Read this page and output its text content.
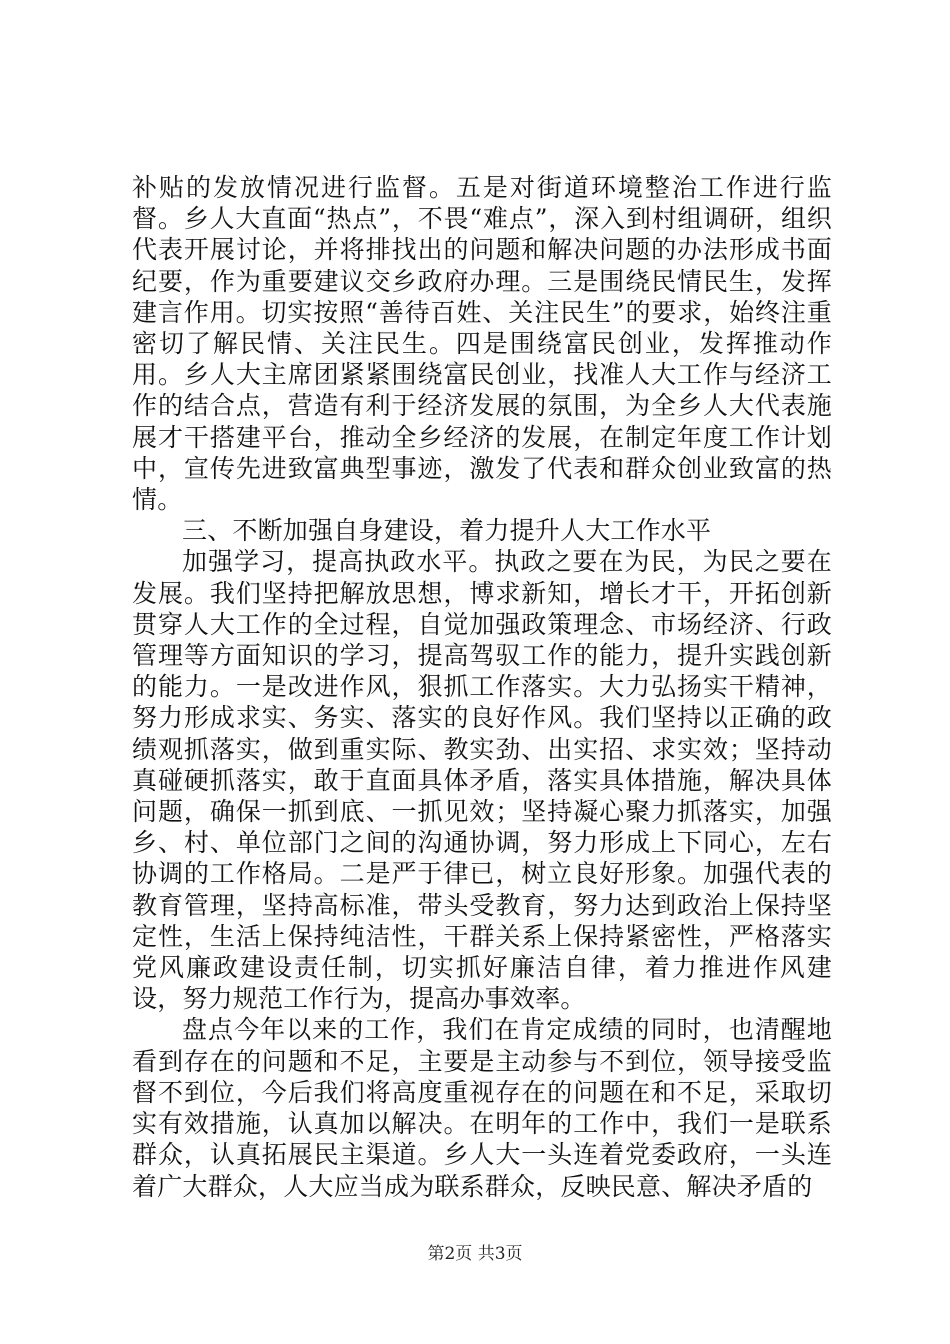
补贴的发放情况进行监督。五是对街道环境整治工作进行监督。乡人大直面“热点”，不畏“难点”，深入到村组调研，组织代表开展讨论，并将排找出的问题和解决问题的办法形成书面纪要，作为重要建议交乡政府办理。三是围绕民情民生，发挥建言作用。切实按照“善待百姓、关注民生”的要求，始终注重密切了解民情、关注民生。四是围绕富民创业，发挥推动作用。乡人大主席团紧紧围绕富民创业，找准人大工作与经济工作的结合点，营造有利于经济发展的氛围，为全乡人大代表施展才干搭建平台，推动全乡经济的发展，在制定年度工作计划中，宣传先进致富典型事迹，激发了代表和群众创业致富的热情。

三、不断加强自身建设，着力提升人大工作水平

加强学习，提高执政水平。执政之要在为民，为民之要在发展。我们坚持把解放思想，博求新知，增长才干，开拓创新贯穿人大工作的全过程，自觉加强政策理念、市场经济、行政管理等方面知识的学习，提高驾驭工作的能力，提升实践创新的能力。一是改进作风，狠抓工作落实。大力弘扬实干精神，努力形成求实、务实、落实的良好作风。我们坚持以正确的政绩观抓落实，做到重实际、教实劲、出实招、求实效；坚持动真碰硬抓落实，敢于直面具体矛盾，落实具体措施，解决具体问题，确保一抓到底、一抓见效；坚持凝心聚力抓落实，加强乡、村、单位部门之间的沟通协调，努力形成上下同心，左右协调的工作格局。二是严于律已，树立良好形象。加强代表的教育管理，坚持高标准，带头受教育，努力达到政治上保持坚定性，生活上保持纯洁性，干群关系上保持紧密性，严格落实党风廉政建设责任制，切实抓好廉洁自律，着力推进作风建设，努力规范工作行为，提高办事效率。

盘点今年以来的工作，我们在肯定成绩的同时，也清醒地看到存在的问题和不足，主要是主动参与不到位，领导接受监督不到位，今后我们将高度重视存在的问题在和不足，采取切实有效措施，认真加以解决。在明年的工作中，我们一是联系群众，认真拓展民主渠道。乡人大一头连着党委政府，一头连着广大群众，人大应当成为联系群众，反映民意、解决矛盾的

第2页 共3页
